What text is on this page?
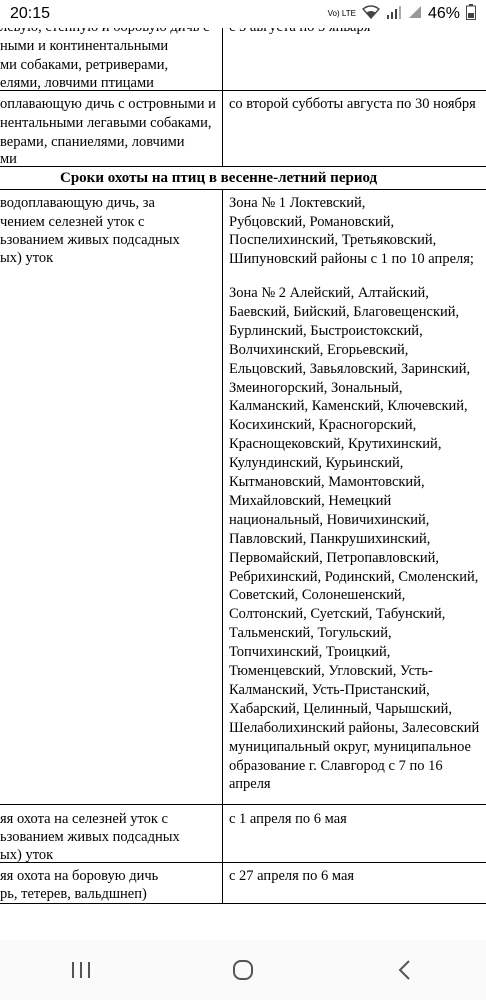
ными и континентальными
ми собаками, ретриверами,
елями, ловчими птицами
оплавающую дичь с островными и
нентальными легавыми собаками,
верами, спаниелями, ловчими
ми
со второй субботы августа по 30 ноября
Сроки охоты на птиц в весенне-летний период
водоплавающую дичь, за
чением селезней уток с
ьзованием живых подсадных
ых) уток
Зона № 1 Локтевский,
Рубцовский, Романовский,
Поспелихинский, Третьяковский,
Шипуновский районы с 1 по 10 апреля;
Зона № 2 Алейский, Алтайский,
Баевский, Бийский, Благовещенский,
Бурлинский, Быстроистокский,
Волчихинский, Егорьевский,
Ельцовский, Завьяловский, Заринский,
Змеиногорский, Зональный,
Калманский, Каменский, Ключевский,
Косихинский, Красногорский,
Краснощековский, Крутихинский,
Кулундинский, Курьинский,
Кытмановский, Мамонтовский,
Михайловский, Немецкий
национальный, Новичихинский,
Павловский, Панкрушихинский,
Первомайский, Петропавловский,
Ребрихинский, Родинский, Смоленский,
Советский, Солонешенский,
Солтонский, Суетский, Табунский,
Тальменский, Тогульский,
Топчихинский, Троицкий,
Тюменцевский, Угловский, Усть-
Калманский, Усть-Пристанский,
Хабарский, Целинный, Чарышский,
Шелаболихинский районы, Залесовский
муниципальный округ, муниципальное
образование г. Славгород с 7 по 16
апреля
яя охота на селезней уток с
ьзованием живых подсадных
ых) уток
с 1 апреля по 6 мая
яя охота на боровую дичь
рь, тетерев, вальдшнеп)
с 27 апреля по 6 мая
20:15	Vo) LTE	46%
